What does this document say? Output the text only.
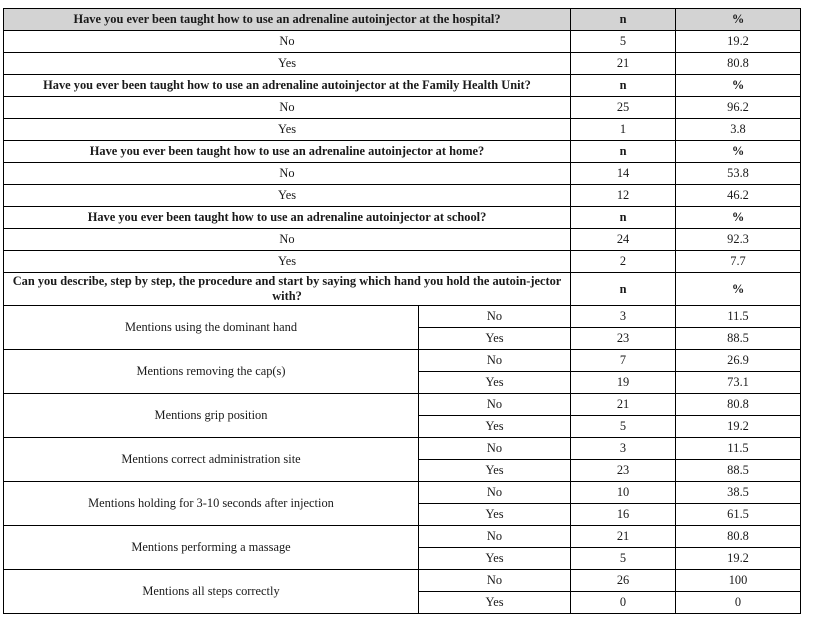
Have you ever been taught how to use an adrenaline autoinjector at the hospital?		n	%
No		5	19.2
Yes		21	80.8
Have you ever been taught how to use an adrenaline autoinjector at the Family Health Unit?		n	%
No		25	96.2
Yes		1	3.8
Have you ever been taught how to use an adrenaline autoinjector at home?		n	%
No		14	53.8
Yes		12	46.2
Have you ever been taught how to use an adrenaline autoinjector at school?		n	%
No		24	92.3
Yes		2	7.7
Can you describe, step by step, the procedure and start by saying which hand you hold the autoin-jector with?		n	%
Mentions using the dominant hand	No	3	11.5
	Yes	23	88.5
Mentions removing the cap(s)	No	7	26.9
	Yes	19	73.1
Mentions grip position	No	21	80.8
	Yes	5	19.2
Mentions correct administration site	No	3	11.5
	Yes	23	88.5
Mentions holding for 3-10 seconds after injection	No	10	38.5
	Yes	16	61.5
Mentions performing a massage	No	21	80.8
	Yes	5	19.2
Mentions all steps correctly	No	26	100
	Yes	0	0
